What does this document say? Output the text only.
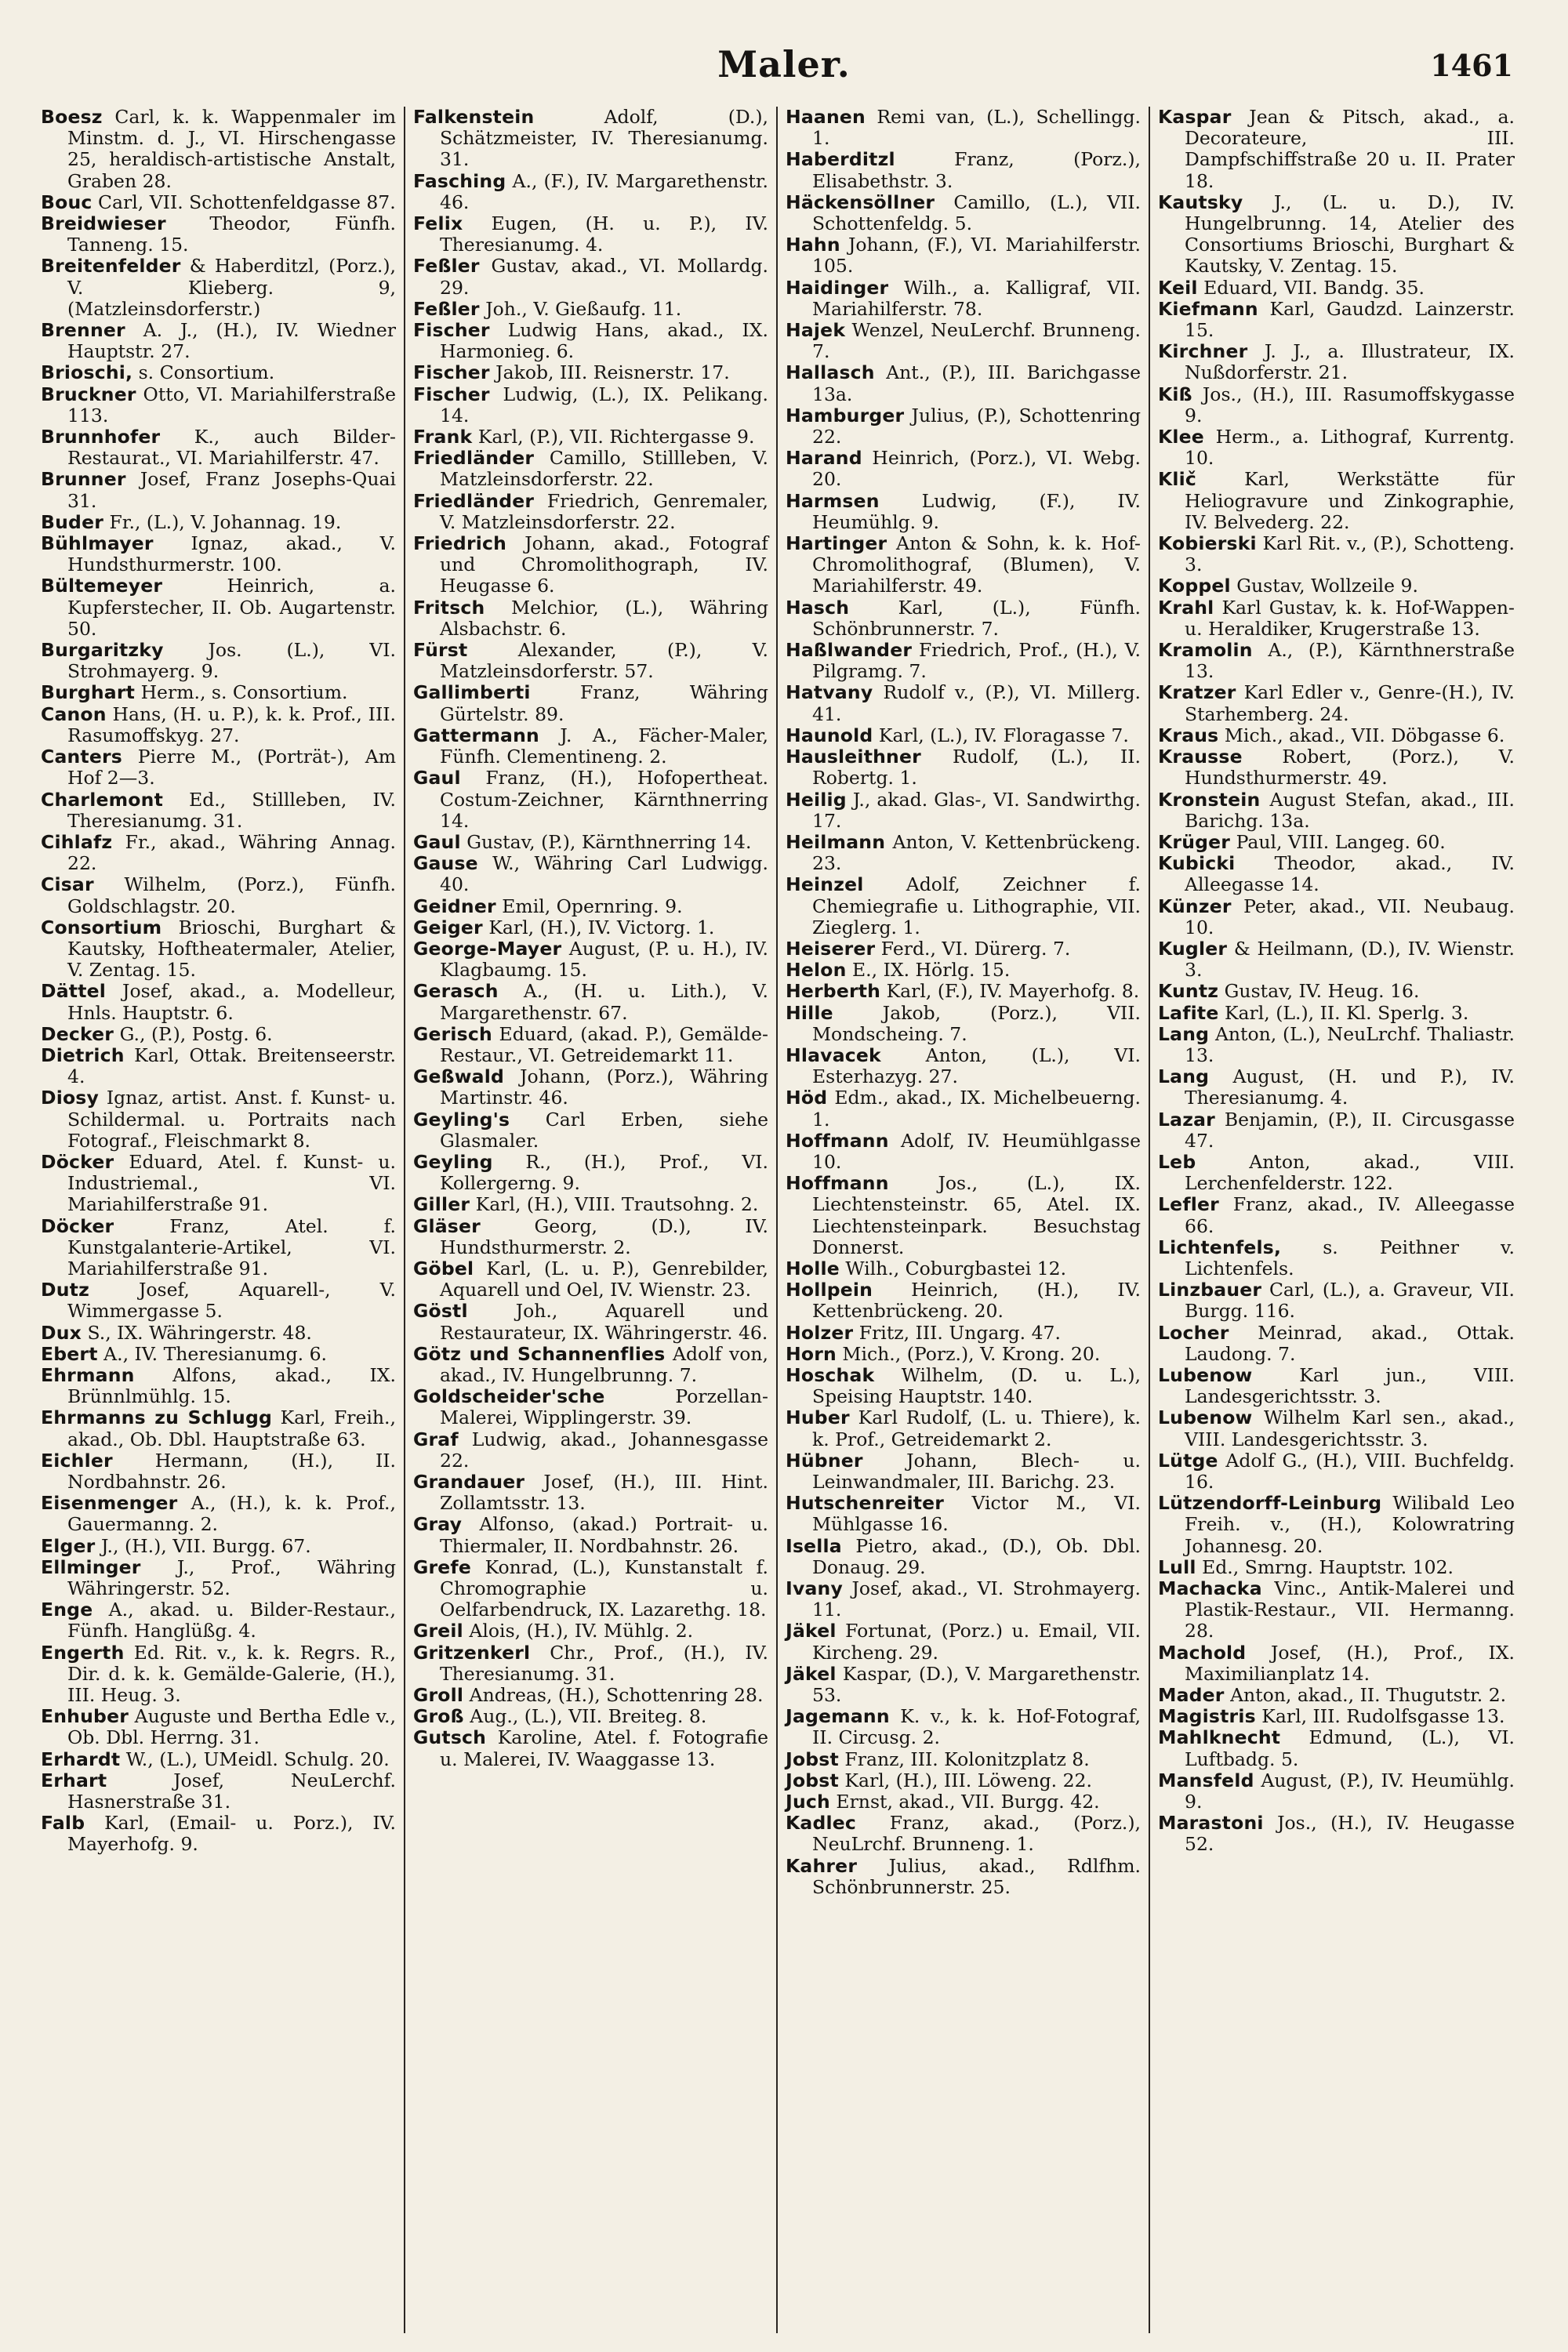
Maler.	1461

Boesz Carl, k. k. Wappenmaler im Minstm. d. J., VI. Hirschengasse 25, heraldisch-artistische Anstalt, Graben 28.

Bouc Carl, VII. Schottenfeldgasse 87.

Breidwieser Theodor, Fünfh. Tanneng. 15.

Breitenfelder & Haberditzl, (Porz.), V. Klieberg. 9, (Matzleinsdorferstr.)

Brenner A. J., (H.), IV. Wiedner Hauptstr. 27.

Brioschi, s. Consortium.

Bruckner Otto, VI. Mariahilferstraße 113.

Brunnhofer K., auch Bilder-Restaurat., VI. Mariahilferstr. 47.

Brunner Josef, Franz Josephs-Quai 31.

Buder Fr., (L.), V. Johannag. 19.

Bühlmayer Ignaz, akad., V. Hundsthurmerstr. 100.

Bültemeyer	Heinrich, a. Kupferstecher, II. Ob. Augartenstr. 50.

Burgaritzky Jos. (L.), VI. Strohmayerg. 9.

Burghart Herm., s. Consortium.

Canon Hans, (H. u. P.), k. k. Prof., III. Rasumoffskyg. 27.

Canters Pierre M., (Porträt-), Am Hof 2—3.

Charlemont Ed., Stillleben, IV. Theresianumg. 31.

Cihlafz Fr., akad., Währing Annag. 22.

Cisar Wilhelm, (Porz.), Fünfh. Goldschlagstr. 20.

Consortium Brioschi, Burghart & Kautsky, Hoftheatermaler, Atelier, V. Zentag. 15.

Dättel Josef, akad., a. Modelleur, Hnls. Hauptstr. 6.

Decker G., (P.), Postg. 6.

Dietrich Karl, Ottak. Breitenseerstr. 4.

Diosy Ignaz, artist. Anst. f. Kunst- u. Schildermal. u. Portraits nach Fotograf., Fleischmarkt 8.

Döcker Eduard, Atel. f. Kunst- u. Industriemal., VI. Mariahilferstraße 91.

Döcker	Franz, Atel. f. Kunstgalanterie-Artikel, VI. Mariahilferstraße 91.

Dutz	Josef, Aquarell-, V. Wimmergasse 5.

Dux S., IX. Währingerstr. 48.

Ebert A., IV. Theresianumg. 6.

Ehrmann Alfons, akad., IX. Brünnlmühlg. 15.

Ehrmanns zu Schlugg Karl, Freih., akad., Ob. Dbl. Hauptstraße 63.

Eichler Hermann, (H.), II. Nordbahnstr. 26.

Eisenmenger A., (H.), k. k. Prof., Gauermanng. 2.

Elger J., (H.), VII. Burgg. 67.

Ellminger J., Prof., Währing Währingerstr. 52.

Enge A., akad. u. Bilder-Restaur., Fünfh. Hanglüßg. 4.

Engerth Ed. Rit. v., k. k. Regrs. R., Dir. d. k. k. Gemälde-Galerie, (H.), III. Heug. 3.

Enhuber Auguste und Bertha Edle v., Ob. Dbl. Herrng. 31.

Erhardt W., (L.), UMeidl. Schulg. 20.

Erhart	Josef, NeuLerchf. Hasnerstraße 31.

Falb Karl, (Email- u. Porz.), IV. Mayerhofg. 9.

Falkenstein	Adolf, (D.), Schätzmeister, IV. Theresianumg. 31.

Fasching A., (F.), IV. Margarethenstr. 46.

Felix Eugen, (H. u. P.), IV. Theresianumg. 4.

Feßler Gustav, akad., VI. Mollardg. 29.

Feßler Joh., V. Gießaufg. 11.

Fischer Ludwig Hans, akad., IX. Harmonieg. 6.

Fischer Jakob, III. Reisnerstr. 17.

Fischer Ludwig, (L.), IX. Pelikang. 14.

Frank Karl, (P.), VII. Richtergasse 9.

Friedländer Camillo, Stillleben, V. Matzleinsdorferstr. 22.

Friedländer Friedrich, Genremaler, V. Matzleinsdorferstr. 22.

Friedrich Johann, akad., Fotograf und Chromolithograph, IV. Heugasse 6.

Fritsch Melchior, (L.), Währing Alsbachstr. 6.

Fürst	Alexander, (P.), V. Matzleinsdorferstr. 57.

Gallimberti	Franz, Währing Gürtelstr. 89.

Gattermann J. A., Fächer-Maler, Fünfh. Clementineng. 2.

Gaul Franz, (H.), Hofopertheat. Costum-Zeichner, Kärnthnerring 14.

Gaul Gustav, (P.), Kärnthnerring 14.

Gause W., Währing Carl Ludwigg. 40.

Geidner Emil, Opernring. 9.

Geiger Karl, (H.), IV. Victorg. 1.

George-Mayer August, (P. u. H.), IV. Klagbaumg. 15.

Gerasch A., (H. u. Lith.), V. Margarethenstr. 67.

Gerisch Eduard, (akad. P.), Gemälde-Restaur., VI. Getreidemarkt 11.

Geßwald Johann, (Porz.), Währing Martinstr. 46.

Geyling's Carl Erben, siehe Glasmaler.

Geyling R., (H.), Prof., VI. Kollergerng. 9.

Giller Karl, (H.), VIII. Trautsohng. 2.

Gläser	Georg, (D.), IV. Hundsthurmerstr. 2.

Göbel Karl, (L. u. P.), Genrebilder, Aquarell und Oel, IV. Wienstr. 23.

Göstl	Joh., Aquarell und Restaurateur, IX. Währingerstr. 46.

Götz und Schannenflies Adolf von, akad., IV. Hungelbrunng. 7.

Goldscheider'sche	Porzellan-Malerei, Wipplingerstr. 39.

Graf Ludwig, akad., Johannesgasse 22.

Grandauer Josef, (H.), III. Hint. Zollamtsstr. 13.

Gray Alfonso, (akad.) Portrait- u. Thiermaler, II. Nordbahnstr. 26.

Grefe Konrad, (L.), Kunstanstalt f. Chromographie u. Oelfarbendruck, IX. Lazarethg. 18.

Greil Alois, (H.), IV. Mühlg. 2.

Gritzenkerl Chr., Prof., (H.), IV. Theresianumg. 31.

Groll Andreas, (H.), Schottenring 28.

Groß Aug., (L.), VII. Breiteg. 8.

Gutsch Karoline, Atel. f. Fotografie u. Malerei, IV. Waaggasse 13.

Haanen Remi van, (L.), Schellingg. 1.

Haberditzl	Franz, (Porz.), Elisabethstr. 3.

Häckensöllner Camillo, (L.), VII. Schottenfeldg. 5.

Hahn Johann, (F.), VI. Mariahilferstr. 105.

Haidinger Wilh., a. Kalligraf, VII. Mariahilferstr. 78.

Hajek Wenzel, NeuLerchf. Brunneng. 7.

Hallasch Ant., (P.), III. Barichgasse 13a.

Hamburger Julius, (P.), Schottenring 22.

Harand Heinrich, (Porz.), VI. Webg. 20.

Harmsen Ludwig, (F.), IV. Heumühlg. 9.

Hartinger Anton & Sohn, k. k. Hof-Chromolithograf, (Blumen), V. Mariahilferstr. 49.

Hasch	Karl, (L.), Fünfh. Schönbrunnerstr. 7.

Haßlwander Friedrich, Prof., (H.), V. Pilgramg. 7.

Hatvany Rudolf v., (P.), VI. Millerg. 41.

Haunold Karl, (L.), IV. Floragasse 7.

Hausleithner Rudolf, (L.), II. Robertg. 1.

Heilig J., akad. Glas-, VI. Sandwirthg. 17.

Heilmann Anton, V. Kettenbrückeng. 23.

Heinzel Adolf, Zeichner f. Chemiegrafie u. Lithographie, VII. Zieglerg. 1.

Heiserer Ferd., VI. Dürerg. 7.

Helon E., IX. Hörlg. 15.

Herberth Karl, (F.), IV. Mayerhofg. 8.

Hille	Jakob, (Porz.), VII. Mondscheing. 7.

Hlavacek Anton, (L.), VI. Esterhazyg. 27.

Höd Edm., akad., IX. Michelbeuerng. 1.

Hoffmann Adolf, IV. Heumühlgasse 10.

Hoffmann	Jos., (L.), IX. Liechtensteinstr. 65, Atel. IX. Liechtensteinpark. Besuchstag Donnerst.

Holle Wilh., Coburgbastei 12.

Hollpein Heinrich, (H.), IV. Kettenbrückeng. 20.

Holzer Fritz, III. Ungarg. 47.

Horn Mich., (Porz.), V. Krong. 20.

Hoschak Wilhelm, (D. u. L.), Speising Hauptstr. 140.

Huber Karl Rudolf, (L. u. Thiere), k. k. Prof., Getreidemarkt 2.

Hübner Johann, Blech- u. Leinwandmaler, III. Barichg. 23.

Hutschenreiter Victor M., VI. Mühlgasse 16.

Isella Pietro, akad., (D.), Ob. Dbl. Donaug. 29.

Ivany Josef, akad., VI. Strohmayerg. 11.

Jäkel Fortunat, (Porz.) u. Email, VII. Kircheng. 29.

Jäkel Kaspar, (D.), V. Margarethenstr. 53.

Jagemann K. v., k. k. Hof-Fotograf, II. Circusg. 2.

Jobst Franz, III. Kolonitzplatz 8.

Jobst Karl, (H.), III. Löweng. 22.

Juch Ernst, akad., VII. Burgg. 42.

Kadlec Franz, akad., (Porz.), NeuLrchf. Brunneng. 1.

Kahrer Julius, akad., Rdlfhm. Schönbrunnerstr. 25.

Kaspar Jean & Pitsch, akad., a. Decorateure, III. Dampfschiffstraße 20 u. II. Prater 18.

Kautsky J., (L. u. D.), IV. Hungelbrunng. 14, Atelier des Consortiums Brioschi, Burghart & Kautsky, V. Zentag. 15.

Keil Eduard, VII. Bandg. 35.

Kiefmann Karl, Gaudzd. Lainzerstr. 15.

Kirchner J. J., a. Illustrateur, IX. Nußdorferstr. 21.

Kiß Jos., (H.), III. Rasumoffskygasse 9.

Klee Herm., a. Lithograf, Kurrentg. 10.

Klič	Karl, Werkstätte für Heliogravure und Zinkographie, IV. Belvederg. 22.

Kobierski Karl Rit. v., (P.), Schotteng. 3.

Koppel Gustav, Wollzeile 9.

Krahl Karl Gustav, k. k. Hof-Wappen- u. Heraldiker, Krugerstraße 13.

Kramolin A., (P.), Kärnthnerstraße 13.

Kratzer Karl Edler v., Genre-(H.), IV. Starhemberg. 24.

Kraus Mich., akad., VII. Döbgasse 6.

Krausse Robert, (Porz.), V. Hundsthurmerstr. 49.

Kronstein August Stefan, akad., III. Barichg. 13a.

Krüger Paul, VIII. Langeg. 60.

Kubicki Theodor, akad., IV. Alleegasse 14.

Künzer Peter, akad., VII. Neubaug. 10.

Kugler & Heilmann, (D.), IV. Wienstr. 3.

Kuntz Gustav, IV. Heug. 16.

Lafite Karl, (L.), II. Kl. Sperlg. 3.

Lang Anton, (L.), NeuLrchf. Thaliastr. 13.

Lang August, (H. und P.), IV. Theresianumg. 4.

Lazar Benjamin, (P.), II. Circusgasse 47.

Leb	Anton, akad., VIII. Lerchenfelderstr. 122.

Lefler Franz, akad., IV. Alleegasse 66.

Lichtenfels, s. Peithner v. Lichtenfels.

Linzbauer Carl, (L.), a. Graveur, VII. Burgg. 116.

Locher Meinrad, akad., Ottak. Laudong. 7.

Lubenow	Karl jun., VIII. Landesgerichtsstr. 3.

Lubenow Wilhelm Karl sen., akad., VIII. Landesgerichtsstr. 3.

Lütge Adolf G., (H.), VIII. Buchfeldg. 16.

Lützendorff-Leinburg Wilibald Leo Freih. v., (H.), Kolowratring Johannesg. 20.

Lull Ed., Smrng. Hauptstr. 102.

Machacka Vinc., Antik-Malerei und Plastik-Restaur., VII. Hermanng. 28.

Machold Josef, (H.), Prof., IX. Maximilianplatz 14.

Mader Anton, akad., II. Thugutstr. 2.

Magistris Karl, III. Rudolfsgasse 13.

Mahlknecht Edmund, (L.), VI. Luftbadg. 5.

Mansfeld August, (P.), IV. Heumühlg. 9.

Marastoni Jos., (H.), IV. Heugasse 52.
